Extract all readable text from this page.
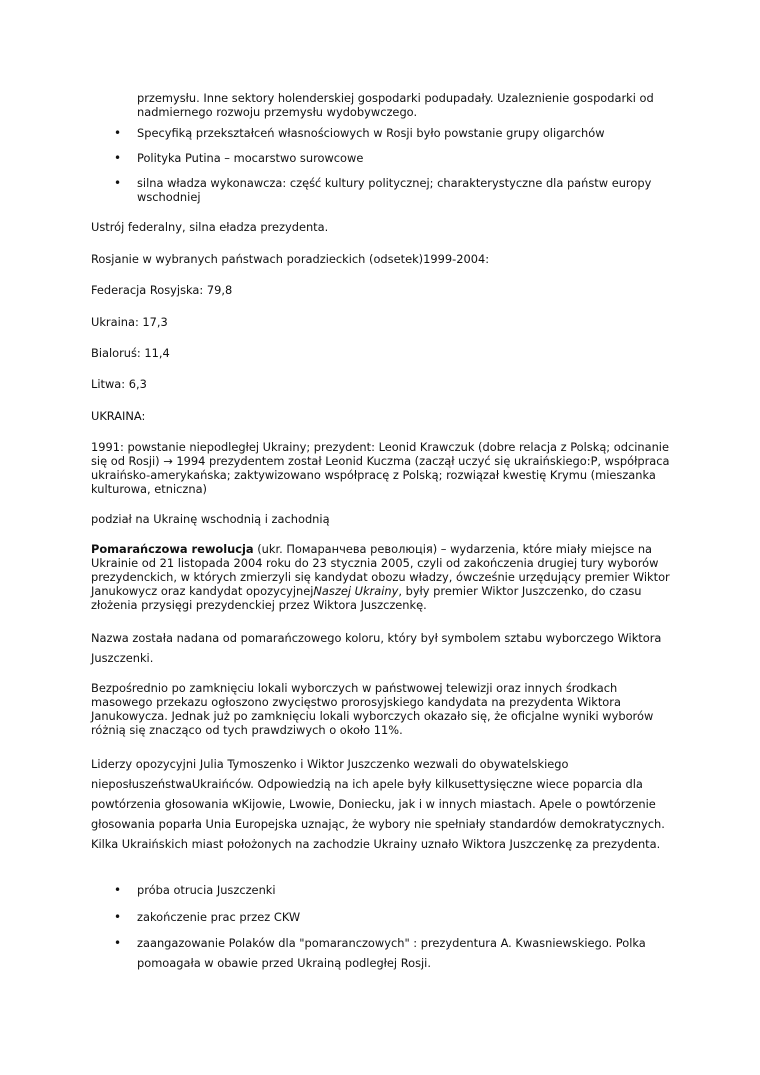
przemysłu. Inne sektory holenderskiej gospodarki podupadały. Uzaleznienie gospodarki od nadmiernego rozwoju przemysłu wydobywczego.

• Specyfiką przekształceń własnościowych w Rosji było powstanie grupy oligarchów

• Polityka Putina – mocarstwo surowcowe

• silna władza wykonawcza: część kultury politycznej; charakterystyczne dla państw europy wschodniej

Ustrój federalny, silna eładza prezydenta.

Rosjanie w wybranych państwach poradzieckich (odsetek)1999-2004:

Federacja Rosyjska: 79,8

Ukraina: 17,3

Bialoruś: 11,4

Litwa: 6,3

UKRAINA:

1991: powstanie niepodległej Ukrainy; prezydent: Leonid Krawczuk (dobre relacja z Polską; odcinanie się od Rosji) → 1994 prezydentem został Leonid Kuczma (zaczął uczyć się ukraińskiego:P, współpraca ukraińsko-amerykańska; zaktywizowano współpracę z Polską; rozwiązał kwestię Krymu (mieszanka kulturowa, etniczna)

podział na Ukrainę wschodnią i zachodnią

Pomarańczowa rewolucja (ukr. Помаранчева революція) – wydarzenia, które miały miejsce na Ukrainie od 21 listopada 2004 roku do 23 stycznia 2005, czyli od zakończenia drugiej tury wyborów prezydenckich, w których zmierzyli się kandydat obozu władzy, ówcześnie urzędujący premier Wiktor Janukowycz oraz kandydat opozycyjnejNaszej Ukrainy, były premier Wiktor Juszczenko, do czasu złożenia przysięgi prezydenckiej przez Wiktora Juszczenkę.

Nazwa została nadana od pomarańczowego koloru, który był symbolem sztabu wyborczego Wiktora Juszczenki.

Bezpośrednio po zamknięciu lokali wyborczych w państwowej telewizji oraz innych środkach masowego przekazu ogłoszono zwycięstwo prorosyjskiego kandydata na prezydenta Wiktora Janukowycza. Jednak już po zamknięciu lokali wyborczych okazało się, że oficjalne wyniki wyborów różnią się znacząco od tych prawdziwych o około 11%.

Liderzy opozycyjni Julia Tymoszenko i Wiktor Juszczenko wezwali do obywatelskiego nieposłuszeństwaUkraińców. Odpowiedzią na ich apele były kilkusettysięczne wiece poparcia dla powtórzenia głosowania wKijowie, Lwowie, Doniecku, jak i w innych miastach. Apele o powtórzenie głosowania poparła Unia Europejska uznając, że wybory nie spełniały standardów demokratycznych. Kilka Ukraińskich miast położonych na zachodzie Ukrainy uznało Wiktora Juszczenkę za prezydenta.

• próba otrucia Juszczenki

• zakończenie prac przez CKW

• zaangazowanie Polaków dla "pomaranczowych" : prezydentura A. Kwasniewskiego. Polka pomoagała w obawie przed Ukrainą podległej Rosji.
